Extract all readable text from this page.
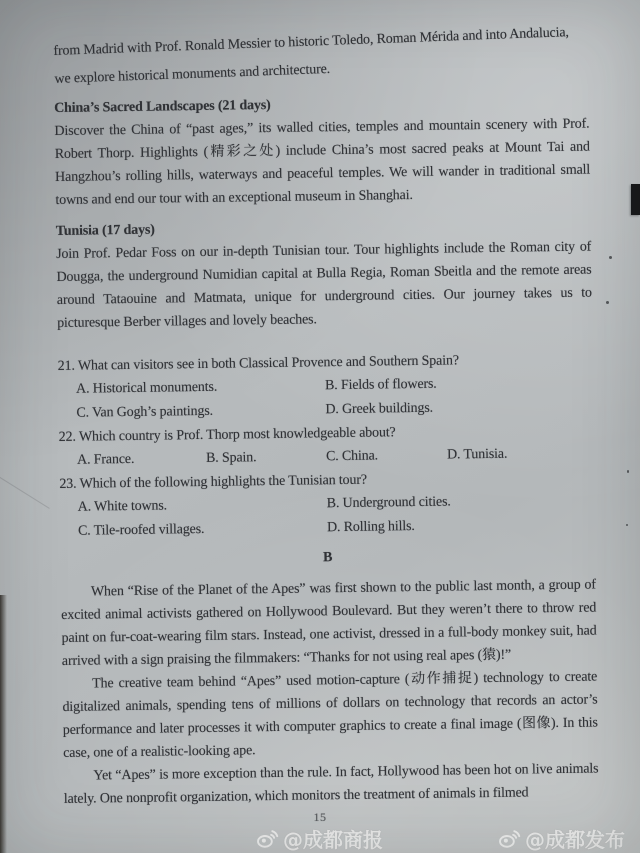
from Madrid with Prof. Ronald Messier to historic Toledo, Roman Mérida and into Andalucia,
we explore historical monuments and architecture.
China’s Sacred Landscapes (21 days)
Discover the China of “past ages,” its walled cities, temples and mountain scenery with Prof. Robert Thorp. Highlights (精彩之处) include China’s most sacred peaks at Mount Tai and Hangzhou’s rolling hills, waterways and peaceful temples. We will wander in traditional small towns and end our tour with an exceptional museum in Shanghai.
Tunisia (17 days)
Join Prof. Pedar Foss on our in-depth Tunisian tour. Tour highlights include the Roman city of Dougga, the underground Numidian capital at Bulla Regia, Roman Sbeitla and the remote areas around Tataouine and Matmata, unique for underground cities. Our journey takes us to picturesque Berber villages and lovely beaches.
21. What can visitors see in both Classical Provence and Southern Spain?
A. Historical monuments.	B. Fields of flowers.
C. Van Gogh’s paintings.	D. Greek buildings.
22. Which country is Prof. Thorp most knowledgeable about?
A. France.	B. Spain.	C. China.	D. Tunisia.
23. Which of the following highlights the Tunisian tour?
A. White towns.	B. Underground cities.
C. Tile-roofed villages.	D. Rolling hills.
B
When “Rise of the Planet of the Apes” was first shown to the public last month, a group of excited animal activists gathered on Hollywood Boulevard. But they weren’t there to throw red paint on fur-coat-wearing film stars. Instead, one activist, dressed in a full-body monkey suit, had arrived with a sign praising the filmmakers: “Thanks for not using real apes (猿)!”
The creative team behind “Apes” used motion-capture (动作捕捉) technology to create digitalized animals, spending tens of millions of dollars on technology that records an actor’s performance and later processes it with computer graphics to create a final image (图像). In this case, one of a realistic-looking ape.
Yet “Apes” is more exception than the rule. In fact, Hollywood has been hot on live animals lately. One nonprofit organization, which monitors the treatment of animals in filmed
15
@成都商报	@成都发布
